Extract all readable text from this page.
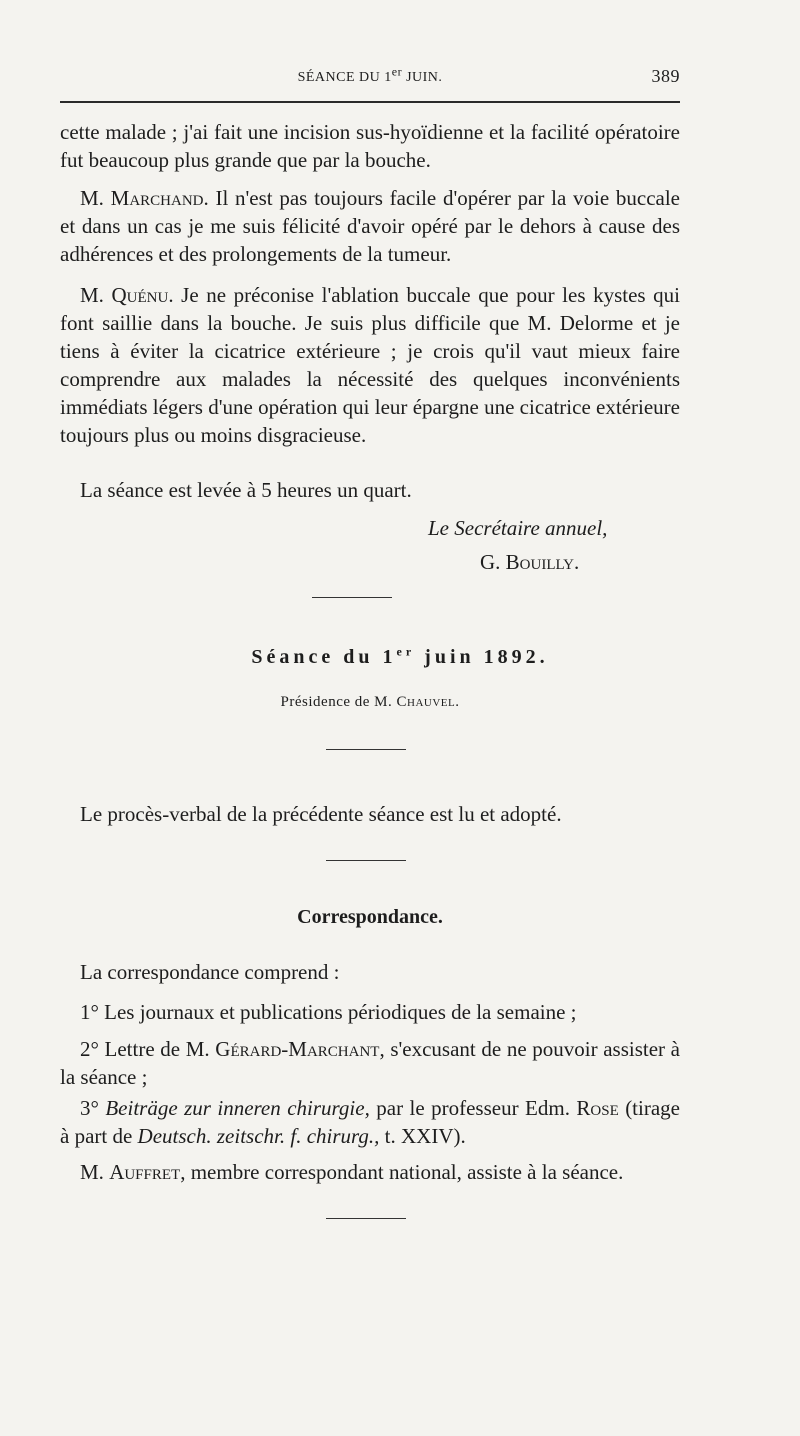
SÉANCE DU 1er JUIN.	389
cette malade ; j'ai fait une incision sus-hyoïdienne et la facilité opératoire fut beaucoup plus grande que par la bouche.
M. Marchand. Il n'est pas toujours facile d'opérer par la voie buccale et dans un cas je me suis félicité d'avoir opéré par le dehors à cause des adhérences et des prolongements de la tumeur.
M. Quénu. Je ne préconise l'ablation buccale que pour les kystes qui font saillie dans la bouche. Je suis plus difficile que M. Delorme et je tiens à éviter la cicatrice extérieure ; je crois qu'il vaut mieux faire comprendre aux malades la nécessité des quelques inconvénients immédiats légers d'une opération qui leur épargne une cicatrice extérieure toujours plus ou moins disgracieuse.
La séance est levée à 5 heures un quart.
Le Secrétaire annuel,
G. Bouilly.
Séance du 1er juin 1892.
Présidence de M. Chauvel.
Le procès-verbal de la précédente séance est lu et adopté.
Correspondance.
La correspondance comprend :
1° Les journaux et publications périodiques de la semaine ;
2° Lettre de M. Gérard-Marchant, s'excusant de ne pouvoir assister à la séance ;
3° Beiträge zur inneren chirurgie, par le professeur Edm. Rose (tirage à part de Deutsch. zeitschr. f. chirurg., t. XXIV).
M. Auffret, membre correspondant national, assiste à la séance.
